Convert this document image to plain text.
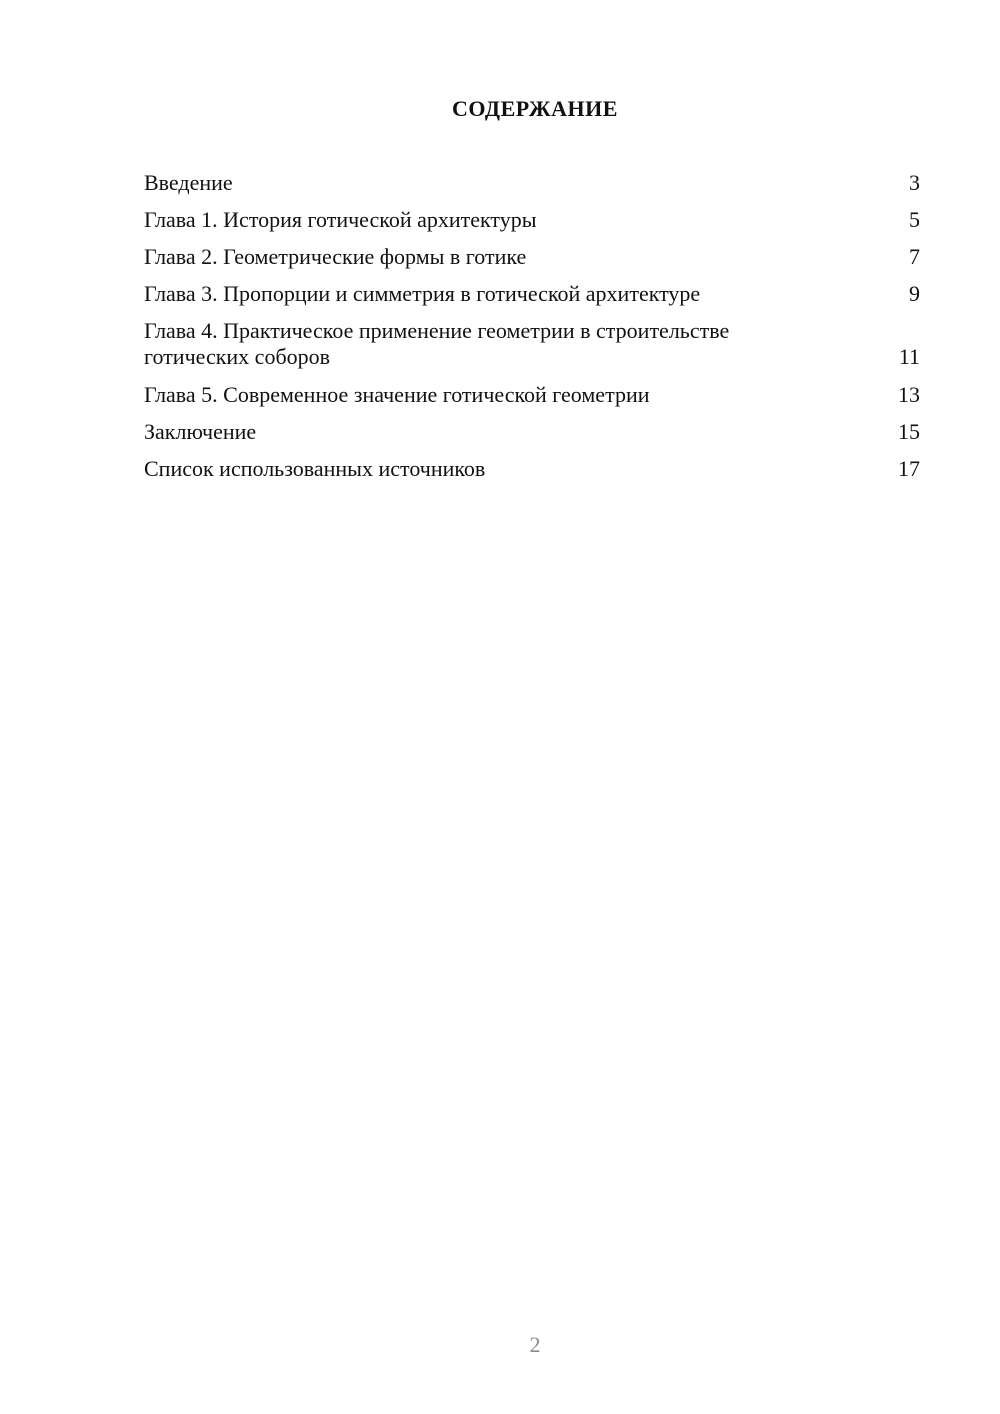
СОДЕРЖАНИЕ
Введение	3
Глава 1. История готической архитектуры	5
Глава 2. Геометрические формы в готике	7
Глава 3. Пропорции и симметрия в готической архитектуре	9
Глава 4. Практическое применение геометрии в строительстве
готических соборов	11
Глава 5. Современное значение готической геометрии	13
Заключение	15
Список использованных источников	17
2
